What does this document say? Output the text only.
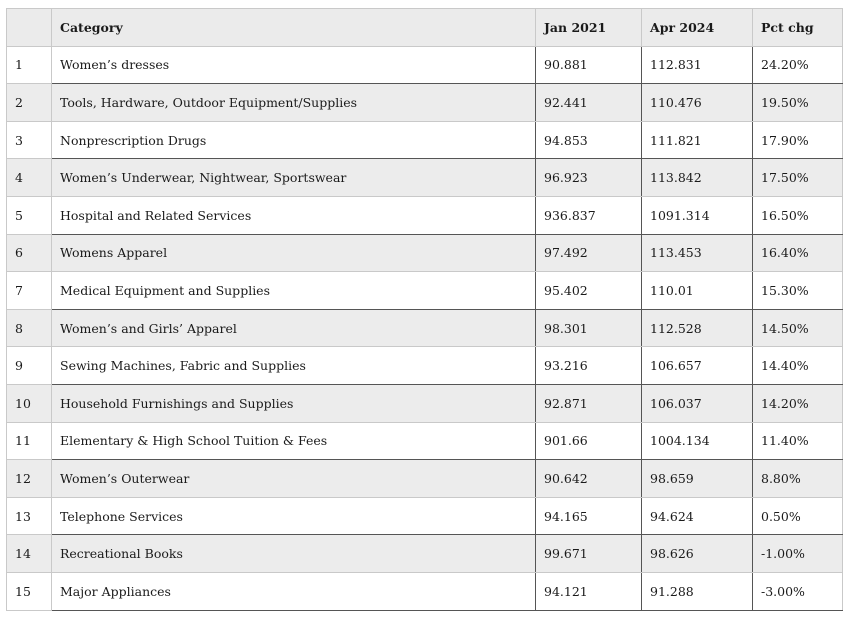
	Category	Jan 2021	Apr 2024	Pct chg
1	Women’s dresses	90.881	112.831	24.20%
2	Tools, Hardware, Outdoor Equipment/Supplies	92.441	110.476	19.50%
3	Nonprescription Drugs	94.853	111.821	17.90%
4	Women’s Underwear, Nightwear, Sportswear	96.923	113.842	17.50%
5	Hospital and Related Services	936.837	1091.314	16.50%
6	Womens Apparel	97.492	113.453	16.40%
7	Medical Equipment and Supplies	95.402	110.01	15.30%
8	Women’s and Girls’ Apparel	98.301	112.528	14.50%
9	Sewing Machines, Fabric and Supplies	93.216	106.657	14.40%
10	Household Furnishings and Supplies	92.871	106.037	14.20%
11	Elementary & High School Tuition & Fees	901.66	1004.134	11.40%
12	Women’s Outerwear	90.642	98.659	8.80%
13	Telephone Services	94.165	94.624	0.50%
14	Recreational Books	99.671	98.626	-1.00%
15	Major Appliances	94.121	91.288	-3.00%
